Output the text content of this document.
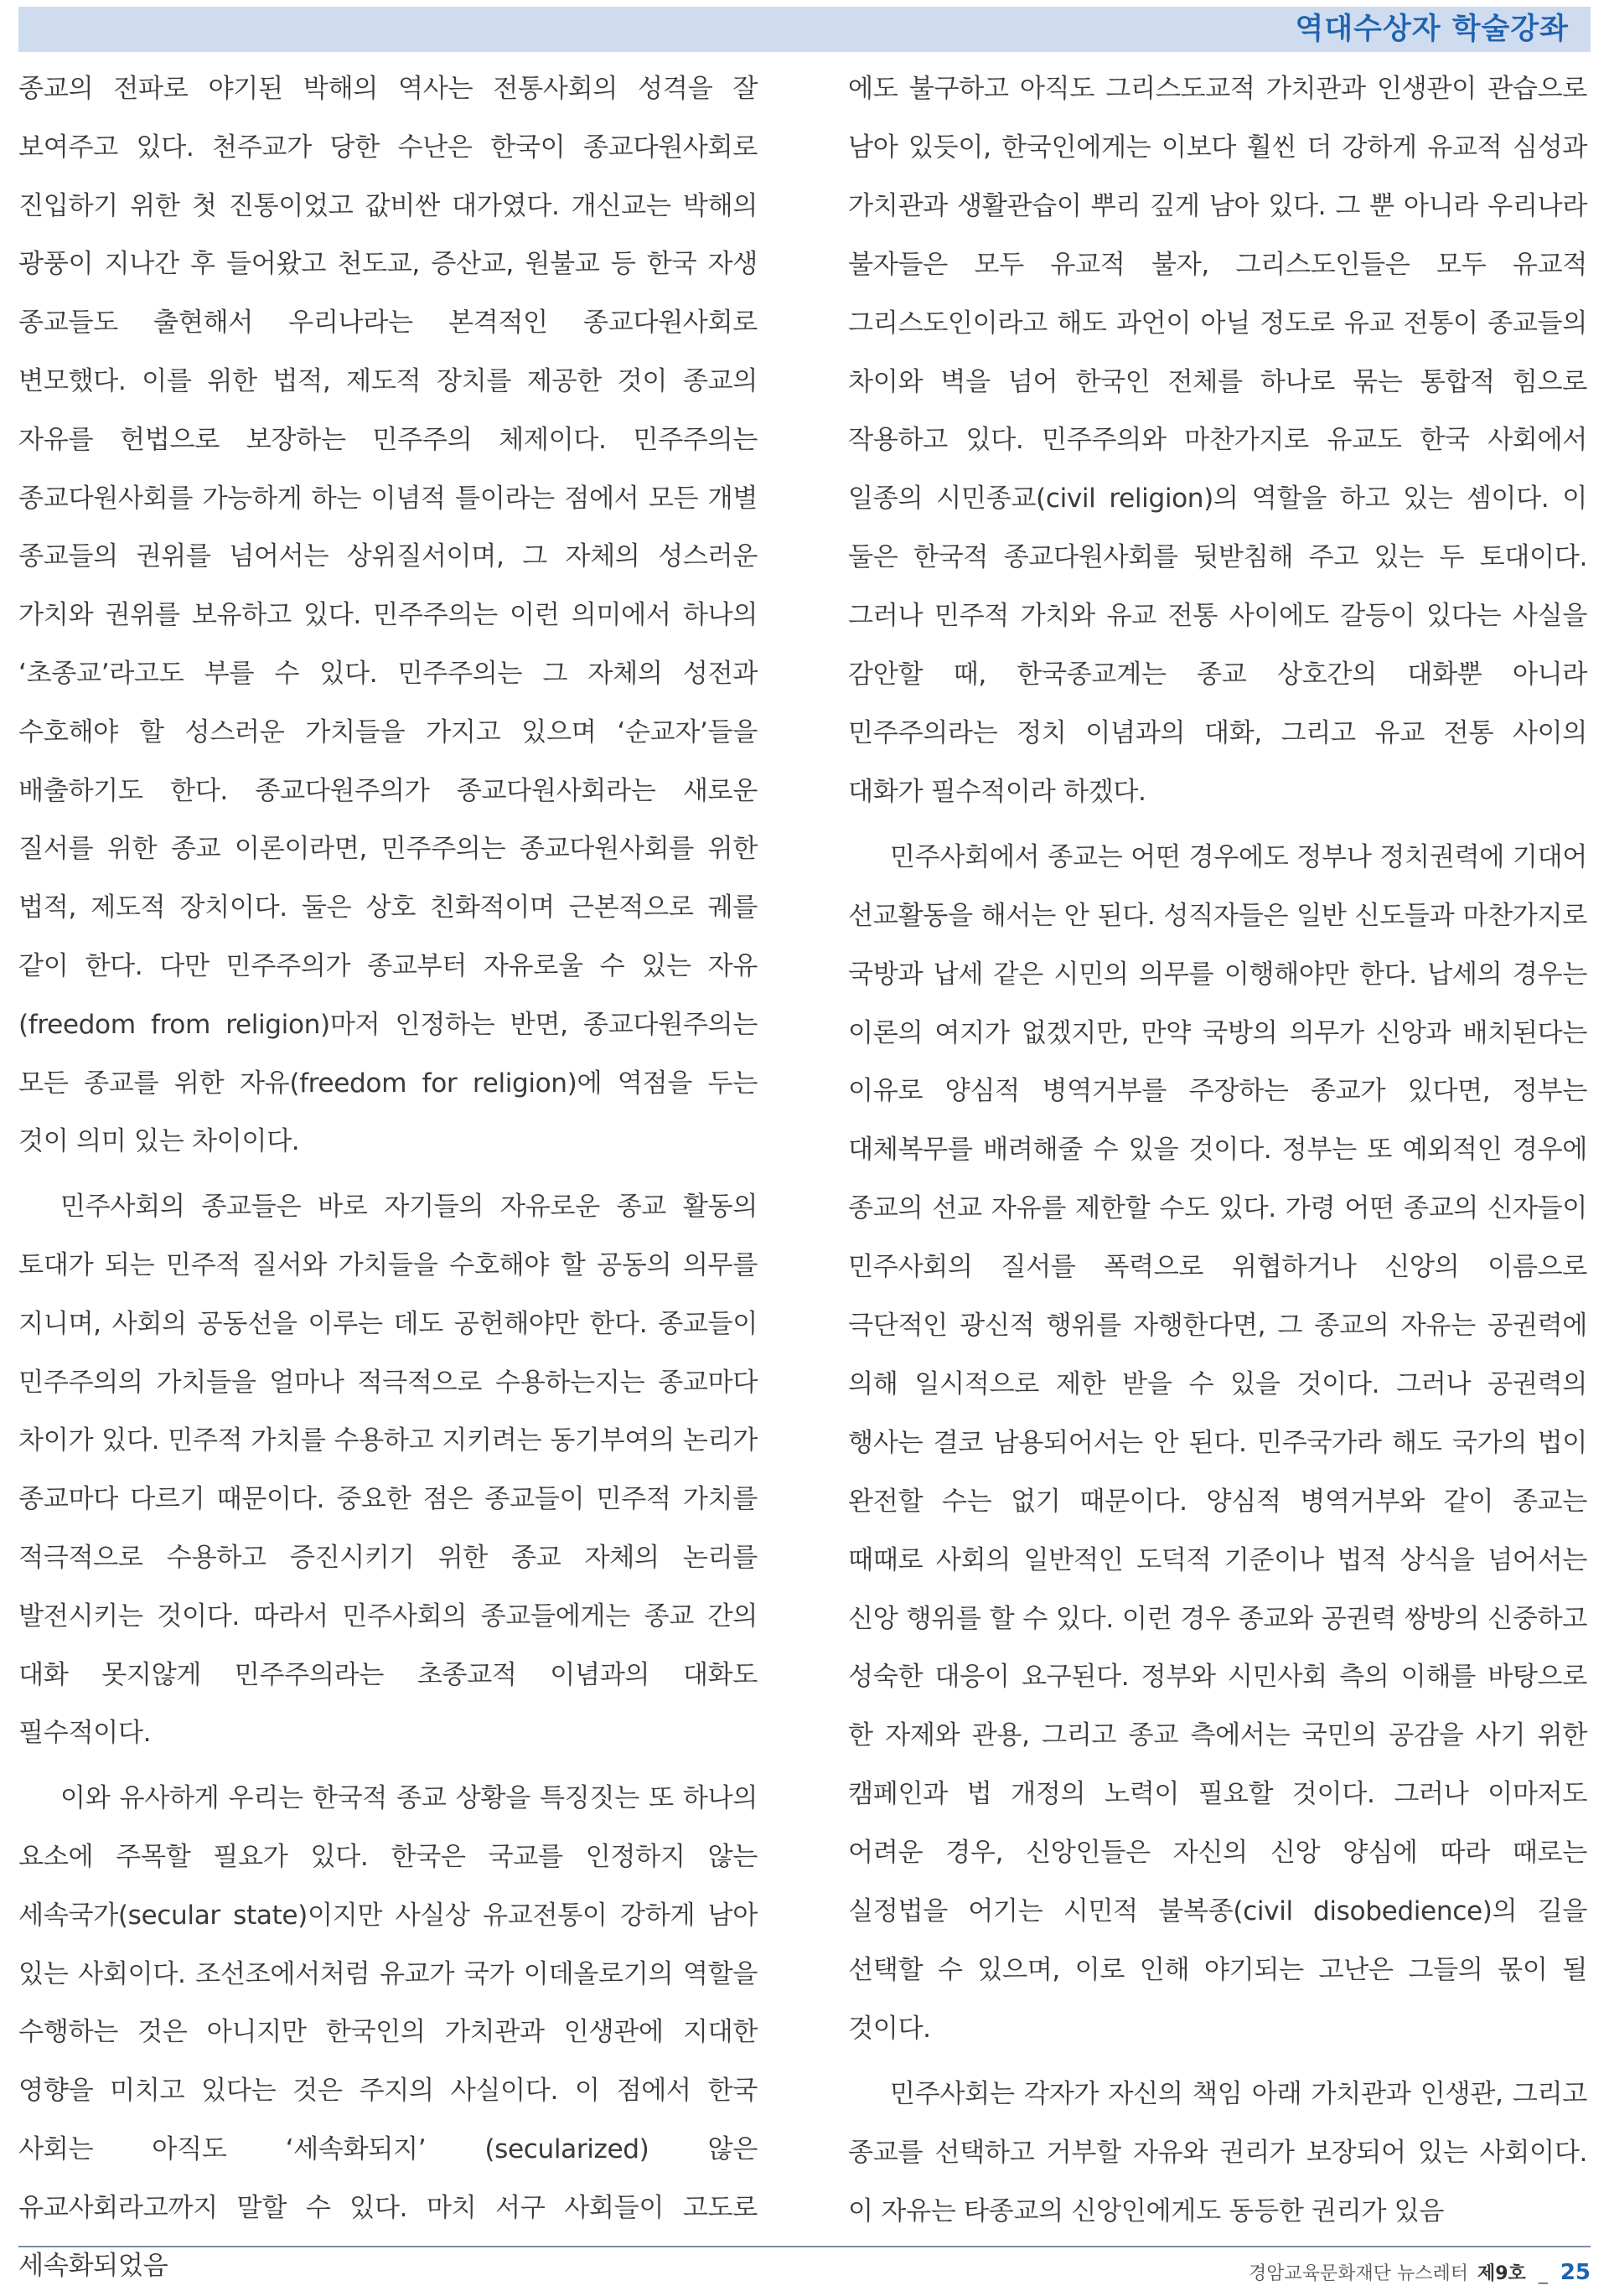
역대수상자 학술강좌

종교의 전파로 야기된 박해의 역사는 전통사회의 성격을 잘 보여주고 있다. 천주교가 당한 수난은 한국이 종교다원사회로 진입하기 위한 첫 진통이었고 값비싼 대가였다. 개신교는 박해의 광풍이 지나간 후 들어왔고 천도교, 증산교, 원불교 등 한국 자생 종교들도 출현해서 우리나라는 본격적인 종교다원사회로 변모했다. 이를 위한 법적, 제도적 장치를 제공한 것이 종교의 자유를 헌법으로 보장하는 민주주의 체제이다. 민주주의는 종교다원사회를 가능하게 하는 이념적 틀이라는 점에서 모든 개별 종교들의 권위를 넘어서는 상위질서이며, 그 자체의 성스러운 가치와 권위를 보유하고 있다. 민주주의는 이런 의미에서 하나의 ‘초종교’라고도 부를 수 있다. 민주주의는 그 자체의 성전과 수호해야 할 성스러운 가치들을 가지고 있으며 ‘순교자’들을 배출하기도 한다. 종교다원주의가 종교다원사회라는 새로운 질서를 위한 종교 이론이라면, 민주주의는 종교다원사회를 위한 법적, 제도적 장치이다. 둘은 상호 친화적이며 근본적으로 궤를 같이 한다. 다만 민주주의가 종교부터 자유로울 수 있는 자유(freedom from religion)마저 인정하는 반면, 종교다원주의는 모든 종교를 위한 자유(freedom for religion)에 역점을 두는 것이 의미 있는 차이이다.

민주사회의 종교들은 바로 자기들의 자유로운 종교 활동의 토대가 되는 민주적 질서와 가치들을 수호해야 할 공동의 의무를 지니며, 사회의 공동선을 이루는 데도 공헌해야만 한다. 종교들이 민주주의의 가치들을 얼마나 적극적으로 수용하는지는 종교마다 차이가 있다. 민주적 가치를 수용하고 지키려는 동기부여의 논리가 종교마다 다르기 때문이다. 중요한 점은 종교들이 민주적 가치를 적극적으로 수용하고 증진시키기 위한 종교 자체의 논리를 발전시키는 것이다. 따라서 민주사회의 종교들에게는 종교 간의 대화 못지않게 민주주의라는 초종교적 이념과의 대화도 필수적이다.

이와 유사하게 우리는 한국적 종교 상황을 특징짓는 또 하나의 요소에 주목할 필요가 있다. 한국은 국교를 인정하지 않는 세속국가(secular state)이지만 사실상 유교전통이 강하게 남아 있는 사회이다. 조선조에서처럼 유교가 국가 이데올로기의 역할을 수행하는 것은 아니지만 한국인의 가치관과 인생관에 지대한 영향을 미치고 있다는 것은 주지의 사실이다. 이 점에서 한국 사회는 아직도 ‘세속화되지’ (secularized) 않은 유교사회라고까지 말할 수 있다. 마치 서구 사회들이 고도로 세속화되었음

에도 불구하고 아직도 그리스도교적 가치관과 인생관이 관습으로 남아 있듯이, 한국인에게는 이보다 훨씬 더 강하게 유교적 심성과 가치관과 생활관습이 뿌리 깊게 남아 있다. 그 뿐 아니라 우리나라 불자들은 모두 유교적 불자, 그리스도인들은 모두 유교적 그리스도인이라고 해도 과언이 아닐 정도로 유교 전통이 종교들의 차이와 벽을 넘어 한국인 전체를 하나로 묶는 통합적 힘으로 작용하고 있다. 민주주의와 마찬가지로 유교도 한국 사회에서 일종의 시민종교(civil religion)의 역할을 하고 있는 셈이다. 이 둘은 한국적 종교다원사회를 뒷받침해 주고 있는 두 토대이다. 그러나 민주적 가치와 유교 전통 사이에도 갈등이 있다는 사실을 감안할 때, 한국종교계는 종교 상호간의 대화뿐 아니라 민주주의라는 정치 이념과의 대화, 그리고 유교 전통 사이의 대화가 필수적이라 하겠다.

민주사회에서 종교는 어떤 경우에도 정부나 정치권력에 기대어 선교활동을 해서는 안 된다. 성직자들은 일반 신도들과 마찬가지로 국방과 납세 같은 시민의 의무를 이행해야만 한다. 납세의 경우는 이론의 여지가 없겠지만, 만약 국방의 의무가 신앙과 배치된다는 이유로 양심적 병역거부를 주장하는 종교가 있다면, 정부는 대체복무를 배려해줄 수 있을 것이다. 정부는 또 예외적인 경우에 종교의 선교 자유를 제한할 수도 있다. 가령 어떤 종교의 신자들이 민주사회의 질서를 폭력으로 위협하거나 신앙의 이름으로 극단적인 광신적 행위를 자행한다면, 그 종교의 자유는 공권력에 의해 일시적으로 제한 받을 수 있을 것이다. 그러나 공권력의 행사는 결코 남용되어서는 안 된다. 민주국가라 해도 국가의 법이 완전할 수는 없기 때문이다. 양심적 병역거부와 같이 종교는 때때로 사회의 일반적인 도덕적 기준이나 법적 상식을 넘어서는 신앙 행위를 할 수 있다. 이런 경우 종교와 공권력 쌍방의 신중하고 성숙한 대응이 요구된다. 정부와 시민사회 측의 이해를 바탕으로 한 자제와 관용, 그리고 종교 측에서는 국민의 공감을 사기 위한 캠페인과 법 개정의 노력이 필요할 것이다. 그러나 이마저도 어려운 경우, 신앙인들은 자신의 신앙 양심에 따라 때로는 실정법을 어기는 시민적 불복종(civil disobedience)의 길을 선택할 수 있으며, 이로 인해 야기되는 고난은 그들의 몫이 될 것이다.

민주사회는 각자가 자신의 책임 아래 가치관과 인생관, 그리고 종교를 선택하고 거부할 자유와 권리가 보장되어 있는 사회이다. 이 자유는 타종교의 신앙인에게도 동등한 권리가 있음

경암교육문화재단 뉴스레터 제9호 _ 25
